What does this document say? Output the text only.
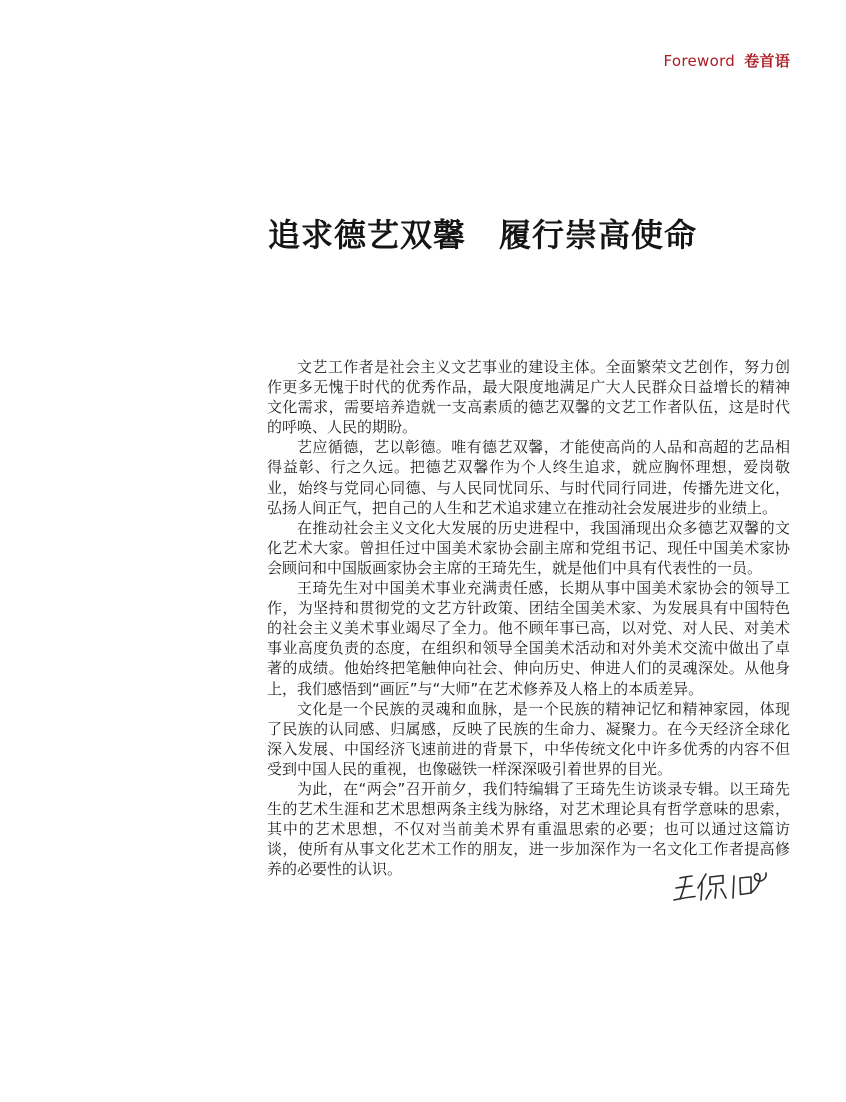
Foreword 卷首语
追求德艺双馨　履行崇高使命

文艺工作者是社会主义文艺事业的建设主体。全面繁荣文艺创作，努力创作更多无愧于时代的优秀作品，最大限度地满足广大人民群众日益增长的精神文化需求，需要培养造就一支高素质的德艺双馨的文艺工作者队伍，这是时代的呼唤、人民的期盼。

艺应循德，艺以彰德。唯有德艺双馨，才能使高尚的人品和高超的艺品相得益彰、行之久远。把德艺双馨作为个人终生追求，就应胸怀理想，爱岗敬业，始终与党同心同德、与人民同忧同乐、与时代同行同进，传播先进文化，弘扬人间正气，把自己的人生和艺术追求建立在推动社会发展进步的业绩上。

在推动社会主义文化大发展的历史进程中，我国涌现出众多德艺双馨的文化艺术大家。曾担任过中国美术家协会副主席和党组书记、现任中国美术家协会顾问和中国版画家协会主席的王琦先生，就是他们中具有代表性的一员。

王琦先生对中国美术事业充满责任感，长期从事中国美术家协会的领导工作，为坚持和贯彻党的文艺方针政策、团结全国美术家、为发展具有中国特色的社会主义美术事业竭尽了全力。他不顾年事已高，以对党、对人民、对美术事业高度负责的态度，在组织和领导全国美术活动和对外美术交流中做出了卓著的成绩。他始终把笔触伸向社会、伸向历史、伸进人们的灵魂深处。从他身上，我们感悟到“画匠”与“大师”在艺术修养及人格上的本质差异。

文化是一个民族的灵魂和血脉，是一个民族的精神记忆和精神家园，体现了民族的认同感、归属感，反映了民族的生命力、凝聚力。在今天经济全球化深入发展、中国经济飞速前进的背景下，中华传统文化中许多优秀的内容不但受到中国人民的重视，也像磁铁一样深深吸引着世界的目光。

为此，在“两会”召开前夕，我们特编辑了王琦先生访谈录专辑。以王琦先生的艺术生涯和艺术思想两条主线为脉络，对艺术理论具有哲学意味的思索，其中的艺术思想，不仅对当前美术界有重温思索的必要；也可以通过这篇访谈，使所有从事文化艺术工作的朋友，进一步加深作为一名文化工作者提高修养的必要性的认识。
